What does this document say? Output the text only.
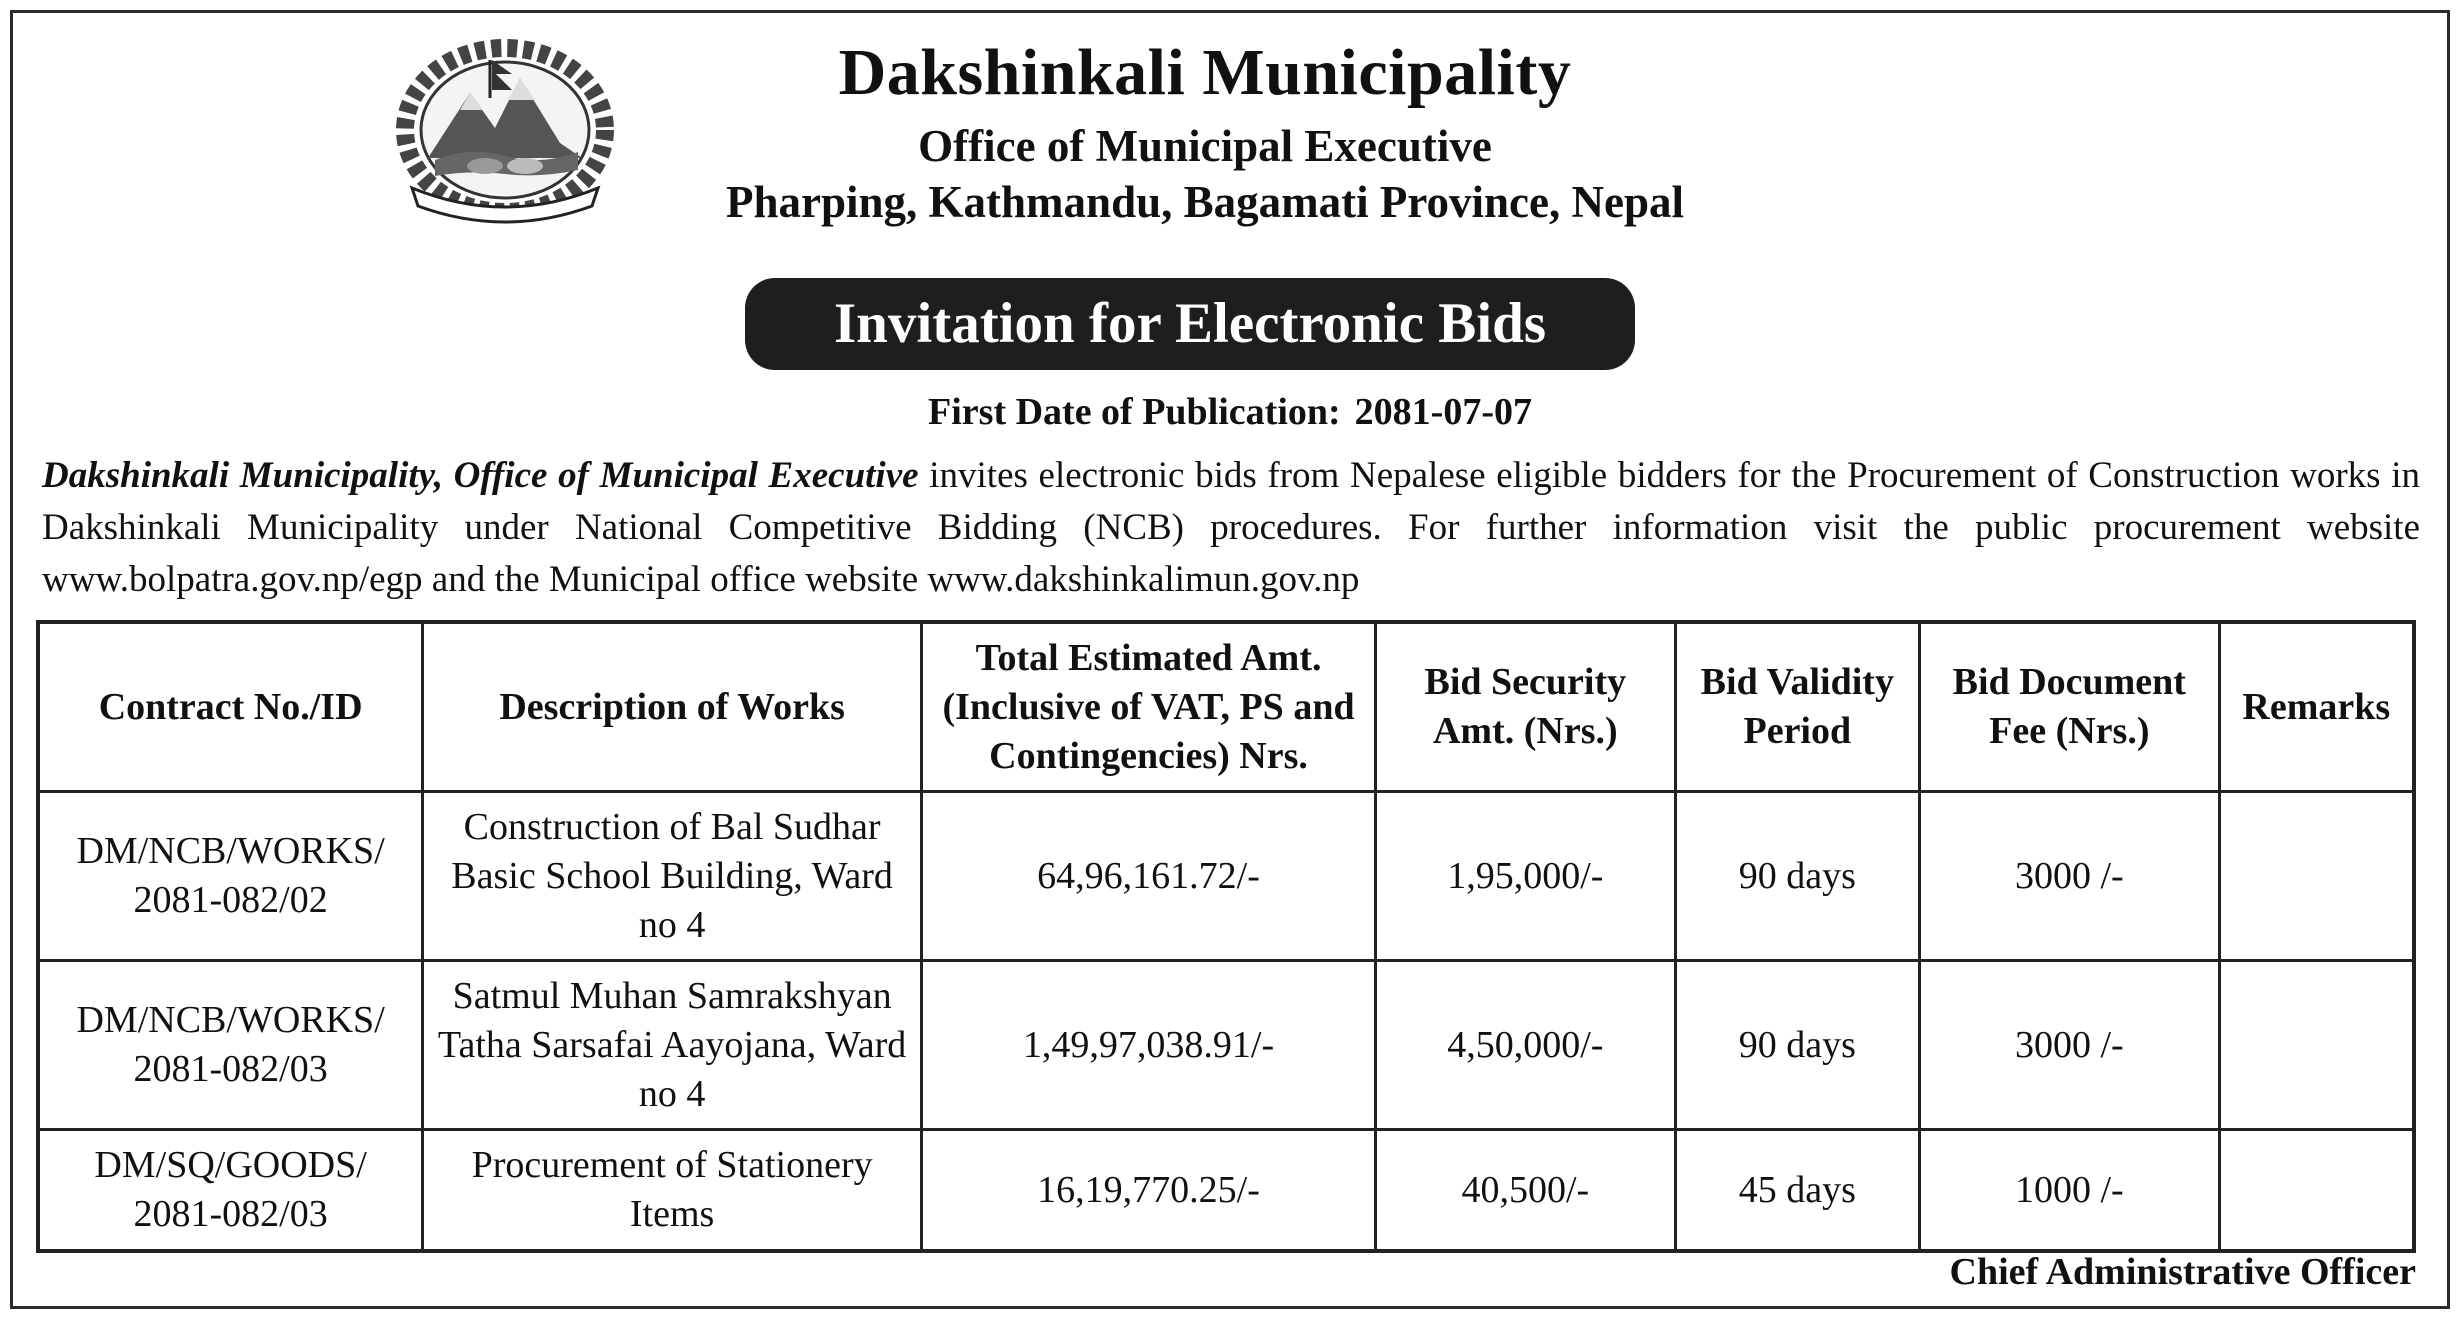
Dakshinkali Municipality
Office of Municipal Executive
Pharping, Kathmandu, Bagamati Province, Nepal
Invitation for Electronic Bids
First Date of Publication: 2081-07-07
Dakshinkali Municipality, Office of Municipal Executive invites electronic bids from Nepalese eligible bidders for the Procurement of Construction works in Dakshinkali Municipality under National Competitive Bidding (NCB) procedures. For further information visit the public procurement website www.bolpatra.gov.np/egp and the Municipal office website www.dakshinkalimun.gov.np
Contract No./ID	Description of Works	Total Estimated Amt. (Inclusive of VAT, PS and Contingencies) Nrs.	Bid Security Amt. (Nrs.)	Bid Validity Period	Bid Document Fee (Nrs.)	Remarks
DM/NCB/WORKS/ 2081-082/02	Construction of Bal Sudhar Basic School Building, Ward no 4	64,96,161.72/-	1,95,000/-	90 days	3000 /-	
DM/NCB/WORKS/ 2081-082/03	Satmul Muhan Samrakshyan Tatha Sarsafai Aayojana, Ward no 4	1,49,97,038.91/-	4,50,000/-	90 days	3000 /-	
DM/SQ/GOODS/ 2081-082/03	Procurement of Stationery Items	16,19,770.25/-	40,500/-	45 days	1000 /-	
Chief Administrative Officer
